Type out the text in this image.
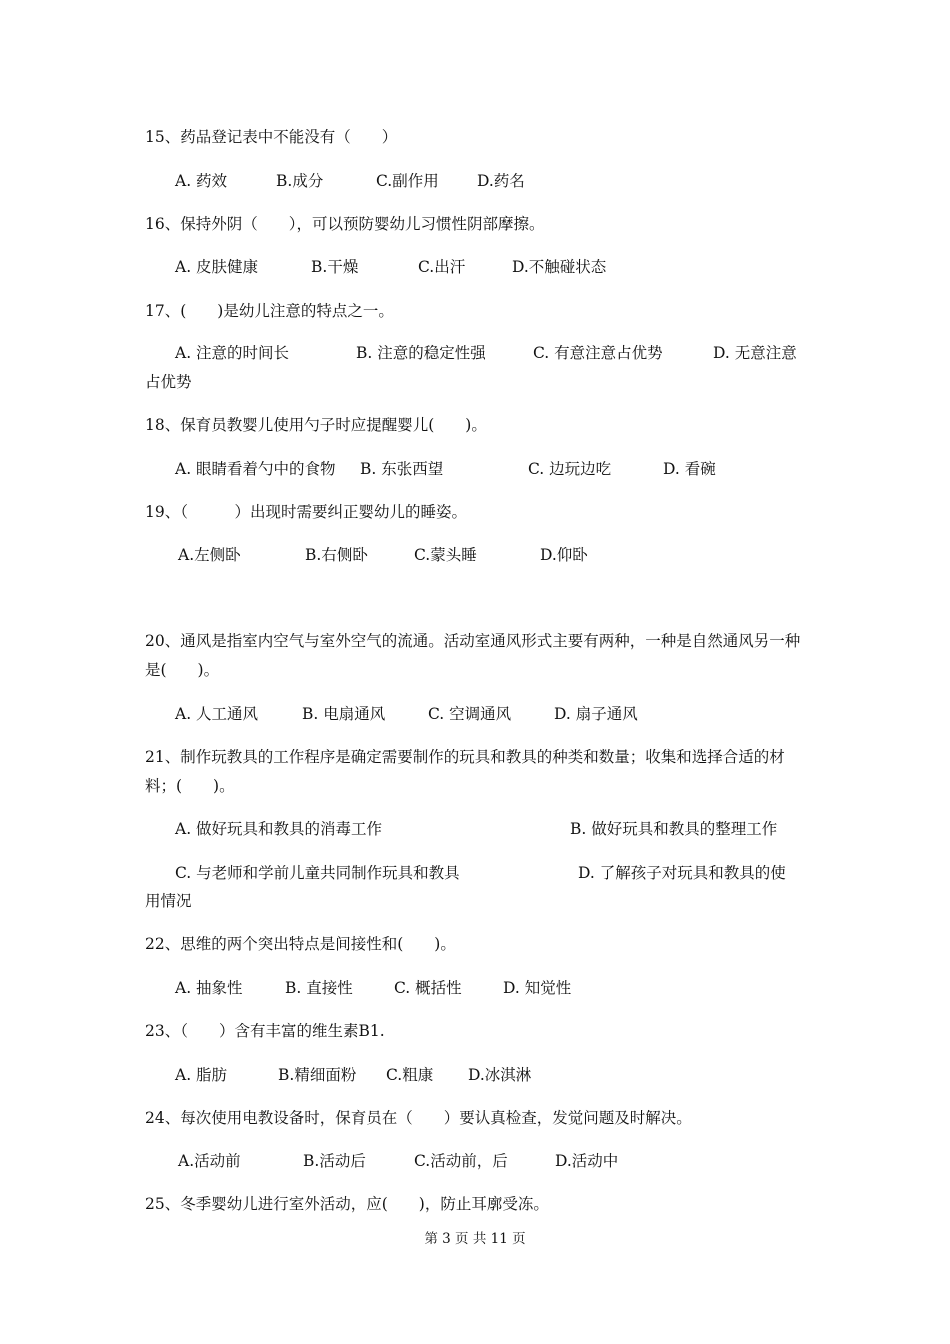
15、药品登记表中不能没有（　　）
A. 药效	B.成分	C.副作用 D.药名
16、保持外阴（　　），可以预防婴幼儿习惯性阴部摩擦。
A. 皮肤健康	B.干燥	C.出汗	D.不触碰状态
17、(　　)是幼儿注意的特点之一。
A. 注意的时间长	B. 注意的稳定性强	C. 有意注意占优势	D. 无意注意
占优势
18、保育员教婴儿使用勺子时应提醒婴儿(　　)。
A. 眼睛看着勺中的食物 B. 东张西望	C. 边玩边吃	D. 看碗
19、（　　　）出现时需要纠正婴幼儿的睡姿。
A.左侧卧	B.右侧卧	C.蒙头睡	D.仰卧
20、通风是指室内空气与室外空气的流通。活动室通风形式主要有两种，一种是自然通风另一种是(　　)。
A. 人工通风	B. 电扇通风	C. 空调通风	D. 扇子通风
21、制作玩教具的工作程序是确定需要制作的玩具和教具的种类和数量；收集和选择合适的材料；(　　)。
A. 做好玩具和教具的消毒工作	B. 做好玩具和教具的整理工作
C. 与老师和学前儿童共同制作玩具和教具	D. 了解孩子对玩具和教具的使
用情况
22、思维的两个突出特点是间接性和(　　)。
A. 抽象性	B. 直接性	C. 概括性	D. 知觉性
23、（　　）含有丰富的维生素B1.
A. 脂肪	B.精细面粉 C.粗康 D.冰淇淋
24、每次使用电教设备时，保育员在（　　）要认真检查，发觉问题及时解决。
A.活动前	B.活动后	C.活动前，后	D.活动中
25、冬季婴幼儿进行室外活动，应(　　)，防止耳廓受冻。
第 3 页 共 11 页
